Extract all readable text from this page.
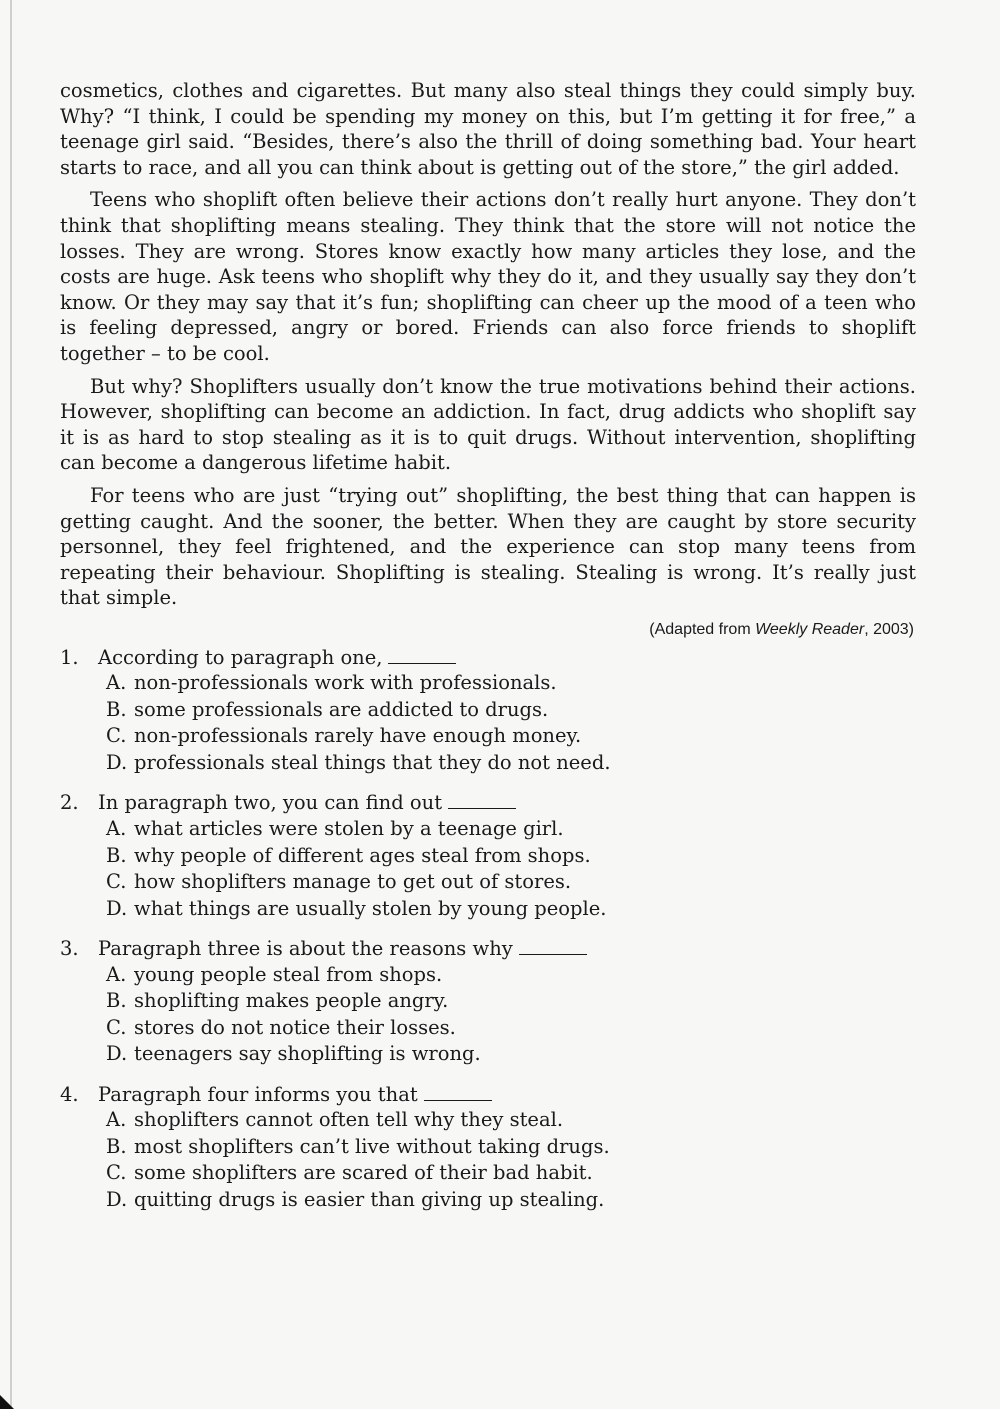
cosmetics, clothes and cigarettes. But many also steal things they could simply buy. Why? “I think, I could be spending my money on this, but I’m getting it for free,” a teenage girl said. “Besides, there’s also the thrill of doing something bad. Your heart starts to race, and all you can think about is getting out of the store,” the girl added.

Teens who shoplift often believe their actions don’t really hurt anyone. They don’t think that shoplifting means stealing. They think that the store will not notice the losses. They are wrong. Stores know exactly how many articles they lose, and the costs are huge. Ask teens who shoplift why they do it, and they usually say they don’t know. Or they may say that it’s fun; shoplifting can cheer up the mood of a teen who is feeling depressed, angry or bored. Friends can also force friends to shoplift together – to be cool.

But why? Shoplifters usually don’t know the true motivations behind their actions. However, shoplifting can become an addiction. In fact, drug addicts who shoplift say it is as hard to stop stealing as it is to quit drugs. Without intervention, shoplifting can become a dangerous lifetime habit.

For teens who are just “trying out” shoplifting, the best thing that can happen is getting caught. And the sooner, the better. When they are caught by store security personnel, they feel frightened, and the experience can stop many teens from repeating their behaviour. Shoplifting is stealing. Stealing is wrong. It’s really just that simple.

(Adapted from Weekly Reader, 2003)
1. According to paragraph one,
A. non-professionals work with professionals.
B. some professionals are addicted to drugs.
C. non-professionals rarely have enough money.
D. professionals steal things that they do not need.
2. In paragraph two, you can find out
A. what articles were stolen by a teenage girl.
B. why people of different ages steal from shops.
C. how shoplifters manage to get out of stores.
D. what things are usually stolen by young people.
3. Paragraph three is about the reasons why
A. young people steal from shops.
B. shoplifting makes people angry.
C. stores do not notice their losses.
D. teenagers say shoplifting is wrong.
4. Paragraph four informs you that
A. shoplifters cannot often tell why they steal.
B. most shoplifters can’t live without taking drugs.
C. some shoplifters are scared of their bad habit.
D. quitting drugs is easier than giving up stealing.
